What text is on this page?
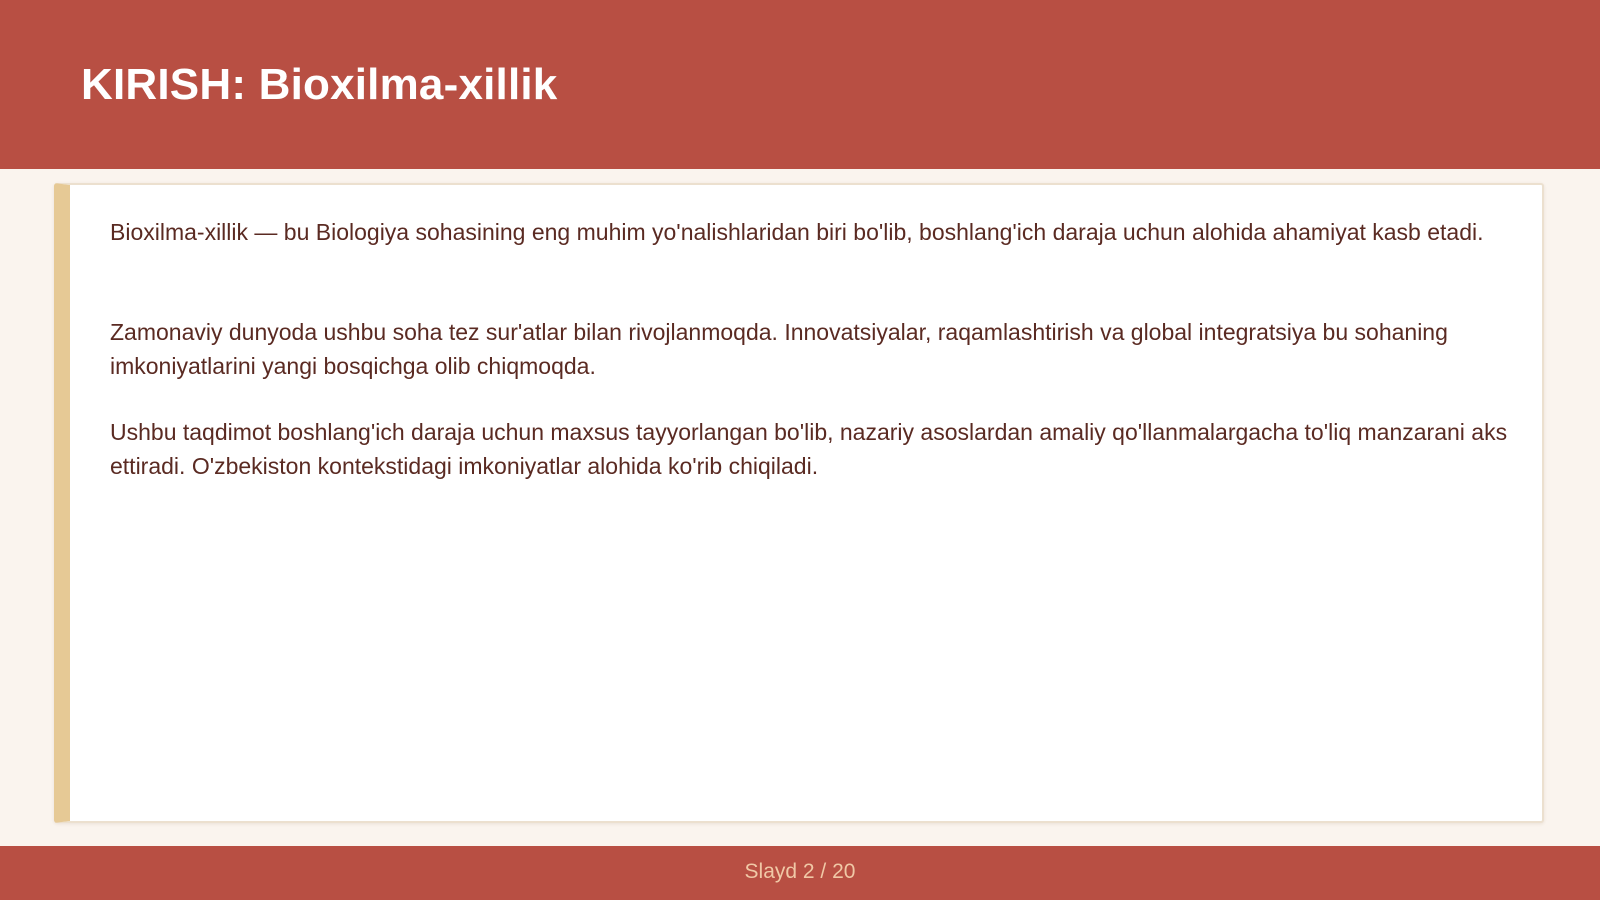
KIRISH: Bioxilma-xillik

Bioxilma-xillik — bu Biologiya sohasining eng muhim yo'nalishlaridan biri bo'lib, boshlang'ich daraja uchun alohida ahamiyat kasb etadi.

Zamonaviy dunyoda ushbu soha tez sur'atlar bilan rivojlanmoqda. Innovatsiyalar, raqamlashtirish va global integratsiya bu sohaning imkoniyatlarini yangi bosqichga olib chiqmoqda.

Ushbu taqdimot boshlang'ich daraja uchun maxsus tayyorlangan bo'lib, nazariy asoslardan amaliy qo'llanmalargacha to'liq manzarani aks ettiradi. O'zbekiston kontekstidagi imkoniyatlar alohida ko'rib chiqiladi.

Slayd 2 / 20
